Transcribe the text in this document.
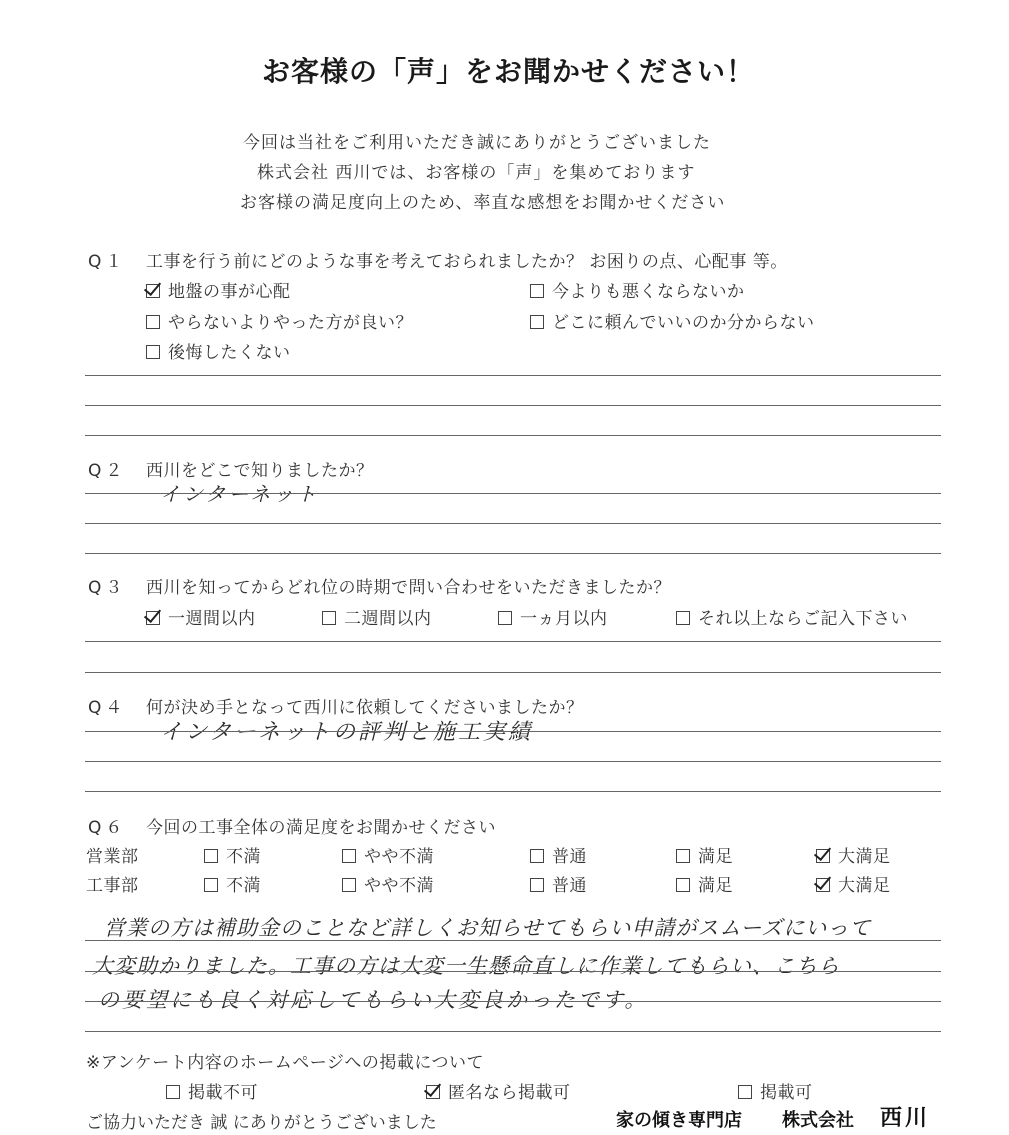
お客様の「声」をお聞かせください！
今回は当社をご利用いただき誠にありがとうございました
株式会社 西川では、お客様の「声」を集めております
お客様の満足度向上のため、率直な感想をお聞かせください
Q１ 工事を行う前にどのような事を考えておられましたか？ お困りの点、心配事 等。
地盤の事が心配	今よりも悪くならないか
やらないよりやった方が良い？	どこに頼んでいいのか分からない
後悔したくない
Q２ 西川をどこで知りましたか？
インターネット
Q３ 西川を知ってからどれ位の時期で問い合わせをいただきましたか？
一週間以内	二週間以内	一ヵ月以内	それ以上ならご記入下さい
Q４ 何が決め手となって西川に依頼してくださいましたか？
インターネットの評判と施工実績
Q６ 今回の工事全体の満足度をお聞かせください
営業部	不満	やや不満	普通	満足	大満足
工事部	不満	やや不満	普通	満足	大満足
営業の方は補助金のことなど詳しくお知らせてもらい申請がスムーズにいって
大変助かりました。工事の方は大変一生懸命直しに作業してもらい、こちら
の要望にも良く対応してもらい大変良かったです。
※アンケート内容のホームページへの掲載について
掲載不可	匿名なら掲載可	掲載可
ご協力いただき 誠 にありがとうございました	家の傾き専門店 株式会社 西川
